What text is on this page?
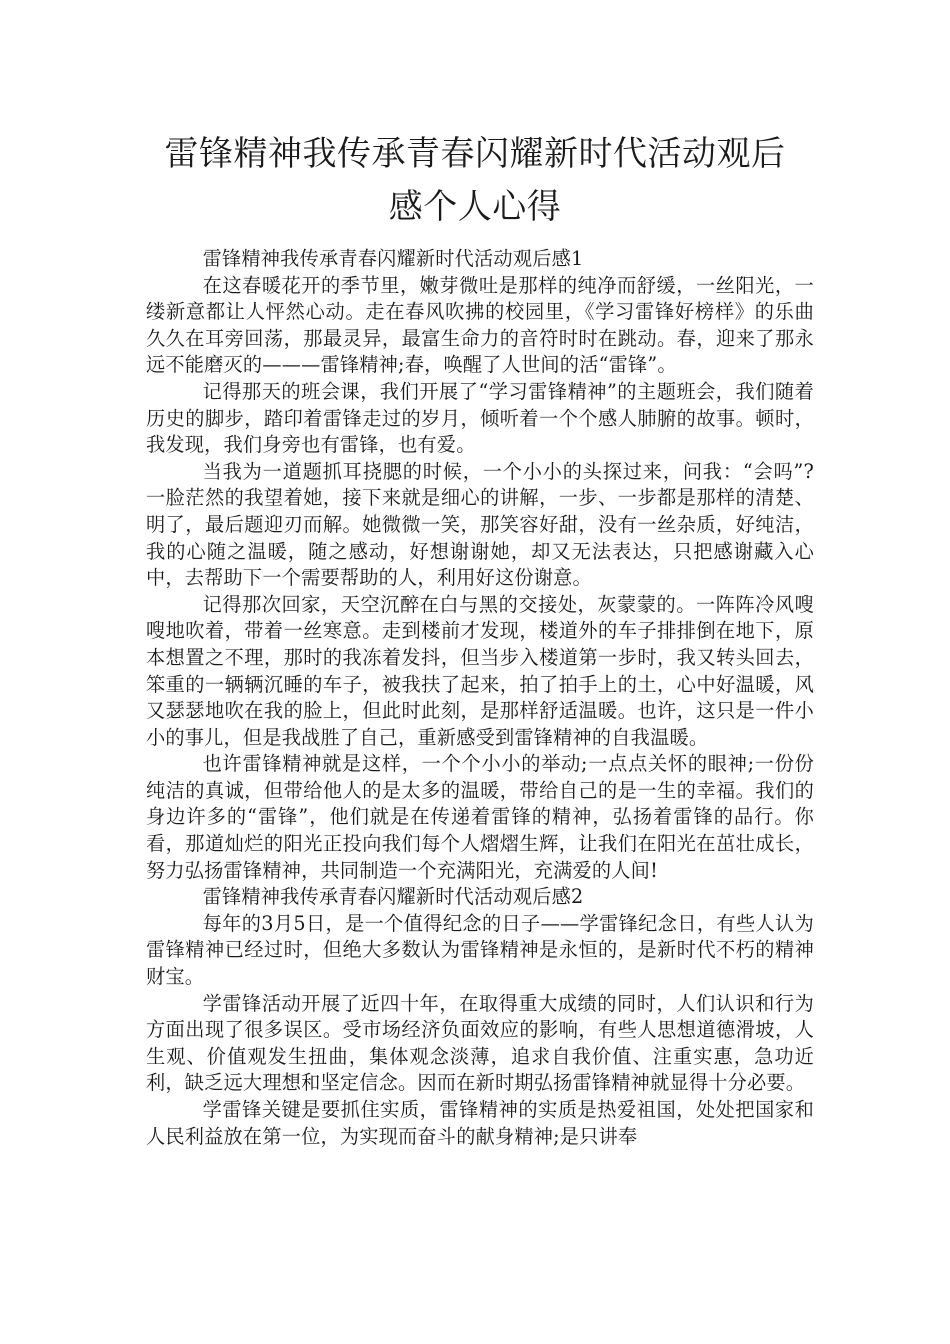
雷锋精神我传承青春闪耀新时代活动观后
感个人心得

雷锋精神我传承青春闪耀新时代活动观后感1

在这春暖花开的季节里，嫩芽微吐是那样的纯净而舒缓，一丝阳光，一缕新意都让人怦然心动。走在春风吹拂的校园里，《学习雷锋好榜样》的乐曲久久在耳旁回荡，那最灵异，最富生命力的音符时时在跳动。春，迎来了那永远不能磨灭的———雷锋精神;春，唤醒了人世间的活“雷锋”。

记得那天的班会课，我们开展了“学习雷锋精神”的主题班会，我们随着历史的脚步，踏印着雷锋走过的岁月，倾听着一个个感人肺腑的故事。顿时，我发现，我们身旁也有雷锋，也有爱。

当我为一道题抓耳挠腮的时候，一个小小的头探过来，问我：“会吗”?一脸茫然的我望着她，接下来就是细心的讲解，一步、一步都是那样的清楚、明了，最后题迎刃而解。她微微一笑，那笑容好甜，没有一丝杂质，好纯洁，我的心随之温暖，随之感动，好想谢谢她，却又无法表达，只把感谢藏入心中，去帮助下一个需要帮助的人，利用好这份谢意。

记得那次回家，天空沉醉在白与黑的交接处，灰蒙蒙的。一阵阵冷风嗖嗖地吹着，带着一丝寒意。走到楼前才发现，楼道外的车子排排倒在地下，原本想置之不理，那时的我冻着发抖，但当步入楼道第一步时，我又转头回去，笨重的一辆辆沉睡的车子，被我扶了起来，拍了拍手上的土，心中好温暖，风又瑟瑟地吹在我的脸上，但此时此刻，是那样舒适温暖。也许，这只是一件小小的事儿，但是我战胜了自己，重新感受到雷锋精神的自我温暖。

也许雷锋精神就是这样，一个个小小的举动;一点点关怀的眼神;一份份纯洁的真诚，但带给他人的是太多的温暖，带给自己的是一生的幸福。我们的身边许多的“雷锋”，他们就是在传递着雷锋的精神，弘扬着雷锋的品行。你看，那道灿烂的阳光正投向我们每个人熠熠生辉，让我们在阳光在茁壮成长，努力弘扬雷锋精神，共同制造一个充满阳光，充满爱的人间!

雷锋精神我传承青春闪耀新时代活动观后感2

每年的3月5日，是一个值得纪念的日子——学雷锋纪念日，有些人认为雷锋精神已经过时，但绝大多数认为雷锋精神是永恒的，是新时代不朽的精神财宝。

学雷锋活动开展了近四十年，在取得重大成绩的同时，人们认识和行为方面出现了很多误区。受市场经济负面效应的影响，有些人思想道德滑坡，人生观、价值观发生扭曲，集体观念淡薄，追求自我价值、注重实惠，急功近利，缺乏远大理想和坚定信念。因而在新时期弘扬雷锋精神就显得十分必要。

学雷锋关键是要抓住实质，雷锋精神的实质是热爱祖国，处处把国家和人民利益放在第一位，为实现而奋斗的献身精神;是只讲奉
